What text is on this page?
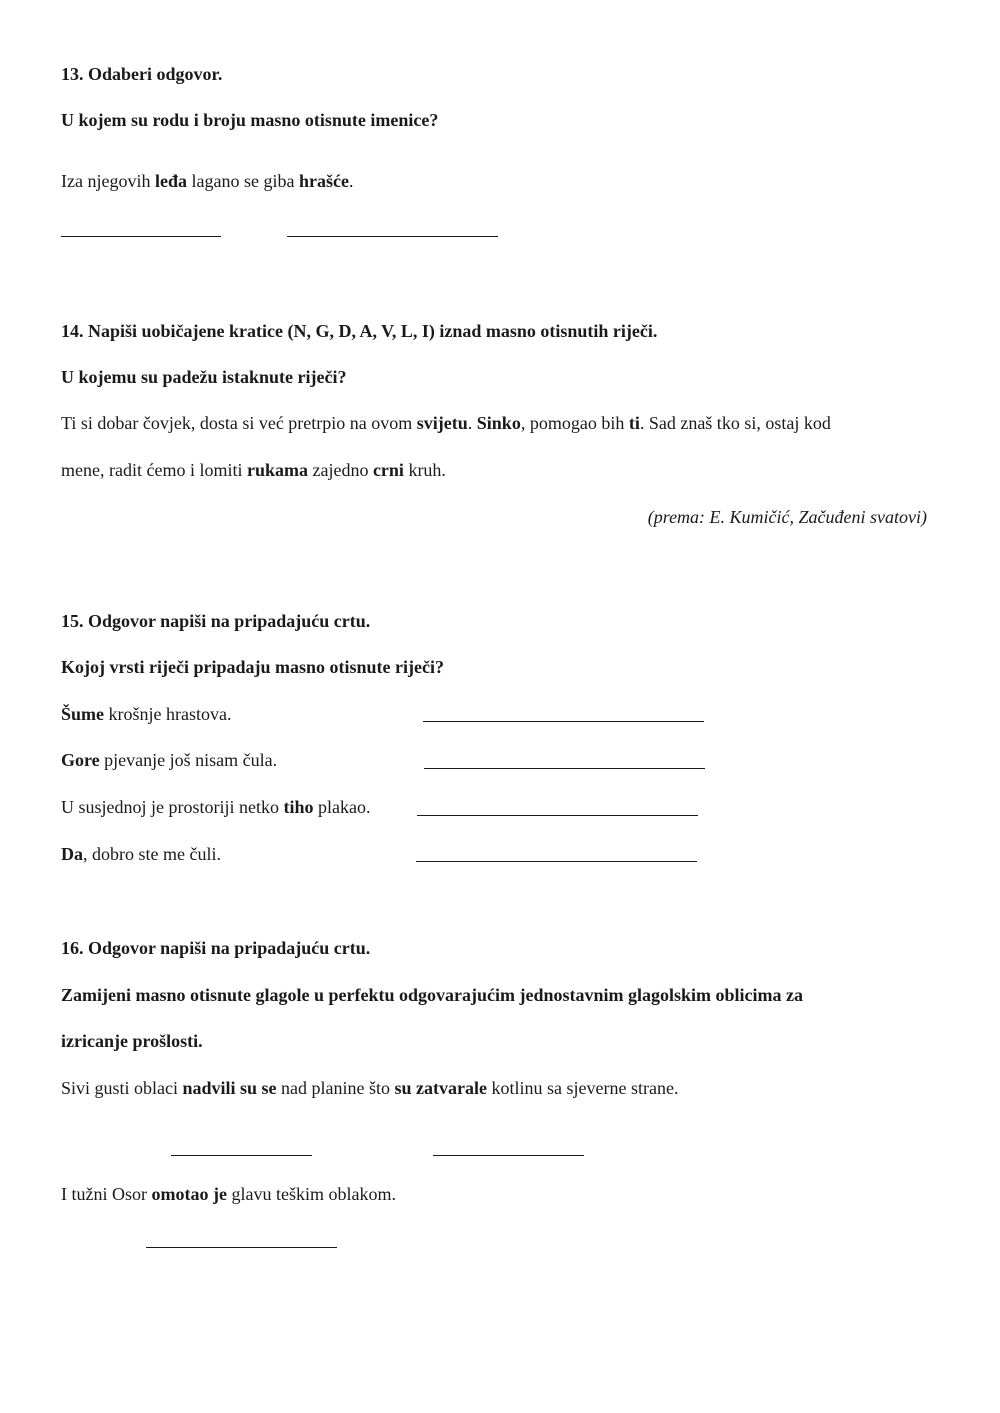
13. Odaberi odgovor.
U kojem su rodu i broju masno otisnute imenice?
Iza njegovih leđa lagano se giba hrašće.
14. Napiši uobičajene kratice (N, G, D, A, V, L, I) iznad masno otisnutih riječi.
U kojemu su padežu istaknute riječi?
Ti si dobar čovjek, dosta si već pretrpio na ovom svijetu. Sinko, pomogao bih ti. Sad znaš tko si, ostaj kod
mene, radit ćemo i lomiti rukama zajedno crni kruh.
(prema: E. Kumičić, Začuđeni svatovi)
15. Odgovor napiši na pripadajuću crtu.
Kojoj vrsti riječi pripadaju masno otisnute riječi?
Šume krošnje hrastova.
Gore pjevanje još nisam čula.
U susjednoj je prostoriji netko tiho plakao.
Da, dobro ste me čuli.
16. Odgovor napiši na pripadajuću crtu.
Zamijeni masno otisnute glagole u perfektu odgovarajućim jednostavnim glagolskim oblicima za
izricanje prošlosti.
Sivi gusti oblaci nadvili su se nad planine što su zatvarale kotlinu sa sjeverne strane.
I tužni Osor omotao je glavu teškim oblakom.
